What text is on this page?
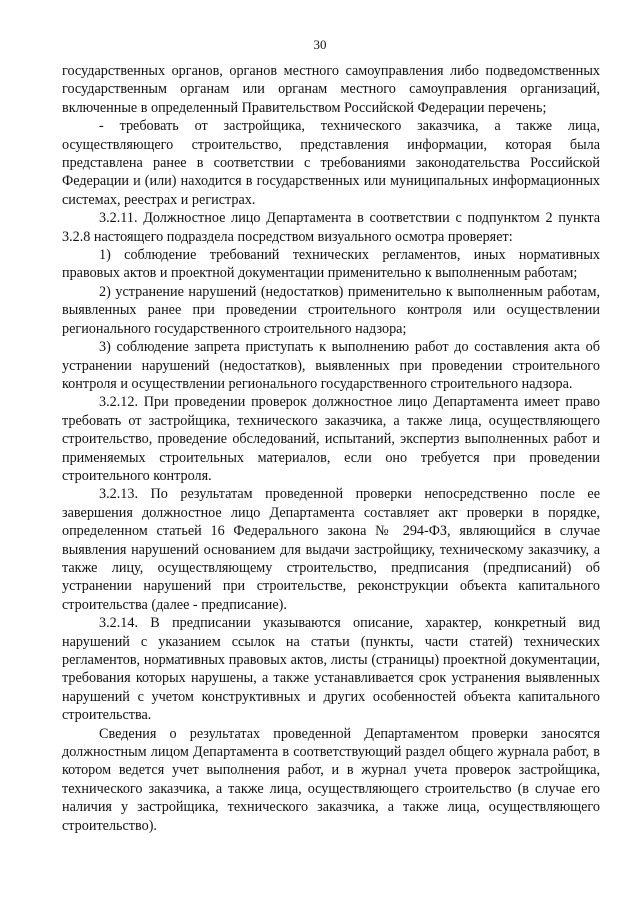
30

государственных органов, органов местного самоуправления либо подведомственных государственным органам или органам местного самоуправления организаций, включенные в определенный Правительством Российской Федерации перечень;

- требовать от застройщика, технического заказчика, а также лица, осуществляющего строительство, представления информации, которая была представлена ранее в соответствии с требованиями законодательства Российской Федерации и (или) находится в государственных или муниципальных информационных системах, реестрах и регистрах.

3.2.11. Должностное лицо Департамента в соответствии с подпунктом 2 пункта 3.2.8 настоящего подраздела посредством визуального осмотра проверяет:

1) соблюдение требований технических регламентов, иных нормативных правовых актов и проектной документации применительно к выполненным работам;

2) устранение нарушений (недостатков) применительно к выполненным работам, выявленных ранее при проведении строительного контроля или осуществлении регионального государственного строительного надзора;

3) соблюдение запрета приступать к выполнению работ до составления акта об устранении нарушений (недостатков), выявленных при проведении строительного контроля и осуществлении регионального государственного строительного надзора.

3.2.12. При проведении проверок должностное лицо Департамента имеет право требовать от застройщика, технического заказчика, а также лица, осуществляющего строительство, проведение обследований, испытаний, экспертиз выполненных работ и применяемых строительных материалов, если оно требуется при проведении строительного контроля.

3.2.13. По результатам проведенной проверки непосредственно после ее завершения должностное лицо Департамента составляет акт проверки в порядке, определенном статьей 16 Федерального закона № 294-ФЗ, являющийся в случае выявления нарушений основанием для выдачи застройщику, техническому заказчику, а также лицу, осуществляющему строительство, предписания (предписаний) об устранении нарушений при строительстве, реконструкции объекта капитального строительства (далее - предписание).

3.2.14. В предписании указываются описание, характер, конкретный вид нарушений с указанием ссылок на статьи (пункты, части статей) технических регламентов, нормативных правовых актов, листы (страницы) проектной документации, требования которых нарушены, а также устанавливается срок устранения выявленных нарушений с учетом конструктивных и других особенностей объекта капитального строительства.

Сведения о результатах проведенной Департаментом проверки заносятся должностным лицом Департамента в соответствующий раздел общего журнала работ, в котором ведется учет выполнения работ, и в журнал учета проверок застройщика, технического заказчика, а также лица, осуществляющего строительство (в случае его наличия у застройщика, технического заказчика, а также лица, осуществляющего строительство).
